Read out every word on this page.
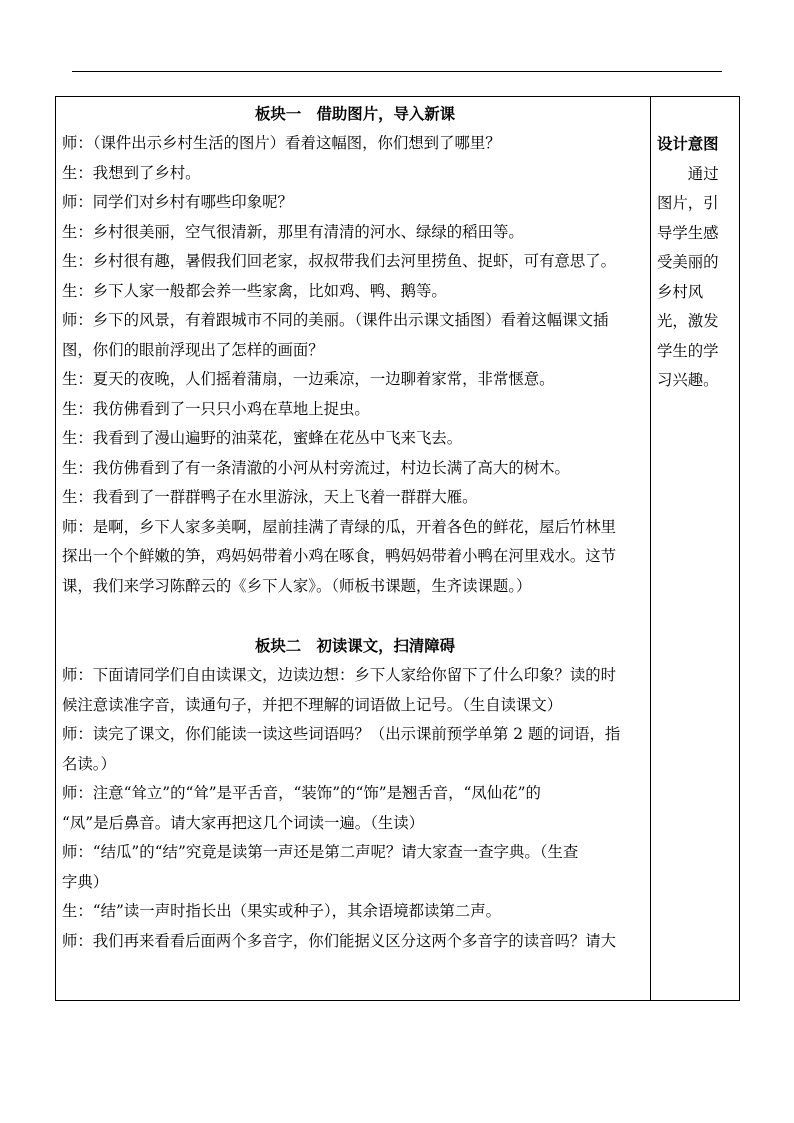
板块一　借助图片，导入新课
师：（课件出示乡村生活的图片）看着这幅图，你们想到了哪里？
生：我想到了乡村。
师：同学们对乡村有哪些印象呢？
生：乡村很美丽，空气很清新，那里有清清的河水、绿绿的稻田等。
生：乡村很有趣，暑假我们回老家，叔叔带我们去河里捞鱼、捉虾，可有意思了。
生：乡下人家一般都会养一些家禽，比如鸡、鸭、鹅等。
师：乡下的风景，有着跟城市不同的美丽。（课件出示课文插图）看着这幅课文插
图，你们的眼前浮现出了怎样的画面？
生：夏天的夜晚，人们摇着蒲扇，一边乘凉，一边聊着家常，非常惬意。
生：我仿佛看到了一只只小鸡在草地上捉虫。
生：我看到了漫山遍野的油菜花，蜜蜂在花丛中飞来飞去。
生：我仿佛看到了有一条清澈的小河从村旁流过，村边长满了高大的树木。
生：我看到了一群群鸭子在水里游泳，天上飞着一群群大雁。
师：是啊，乡下人家多美啊，屋前挂满了青绿的瓜，开着各色的鲜花，屋后竹林里
探出一个个鲜嫩的笋，鸡妈妈带着小鸡在啄食，鸭妈妈带着小鸭在河里戏水。这节
课，我们来学习陈醉云的《乡下人家》。（师板书课题，生齐读课题。）
板块二　初读课文，扫清障碍
师：下面请同学们自由读课文，边读边想：乡下人家给你留下了什么印象？读的时
候注意读准字音，读通句子，并把不理解的词语做上记号。（生自读课文）
师：读完了课文，你们能读一读这些词语吗？（出示课前预学单第 2 题的词语，指
名读。）
师：注意“耸立”的“耸”是平舌音，“装饰”的“饰”是翘舌音，“凤仙花”的
“凤”是后鼻音。请大家再把这几个词读一遍。（生读）
师：“结瓜”的“结”究竟是读第一声还是第二声呢？请大家查一查字典。（生查
字典）
生：“结”读一声时指长出（果实或种子），其余语境都读第二声。
师：我们再来看看后面两个多音字，你们能据义区分这两个多音字的读音吗？请大
设计意图
通过
图片，引
导学生感
受美丽的
乡村风
光，激发
学生的学
习兴趣。
